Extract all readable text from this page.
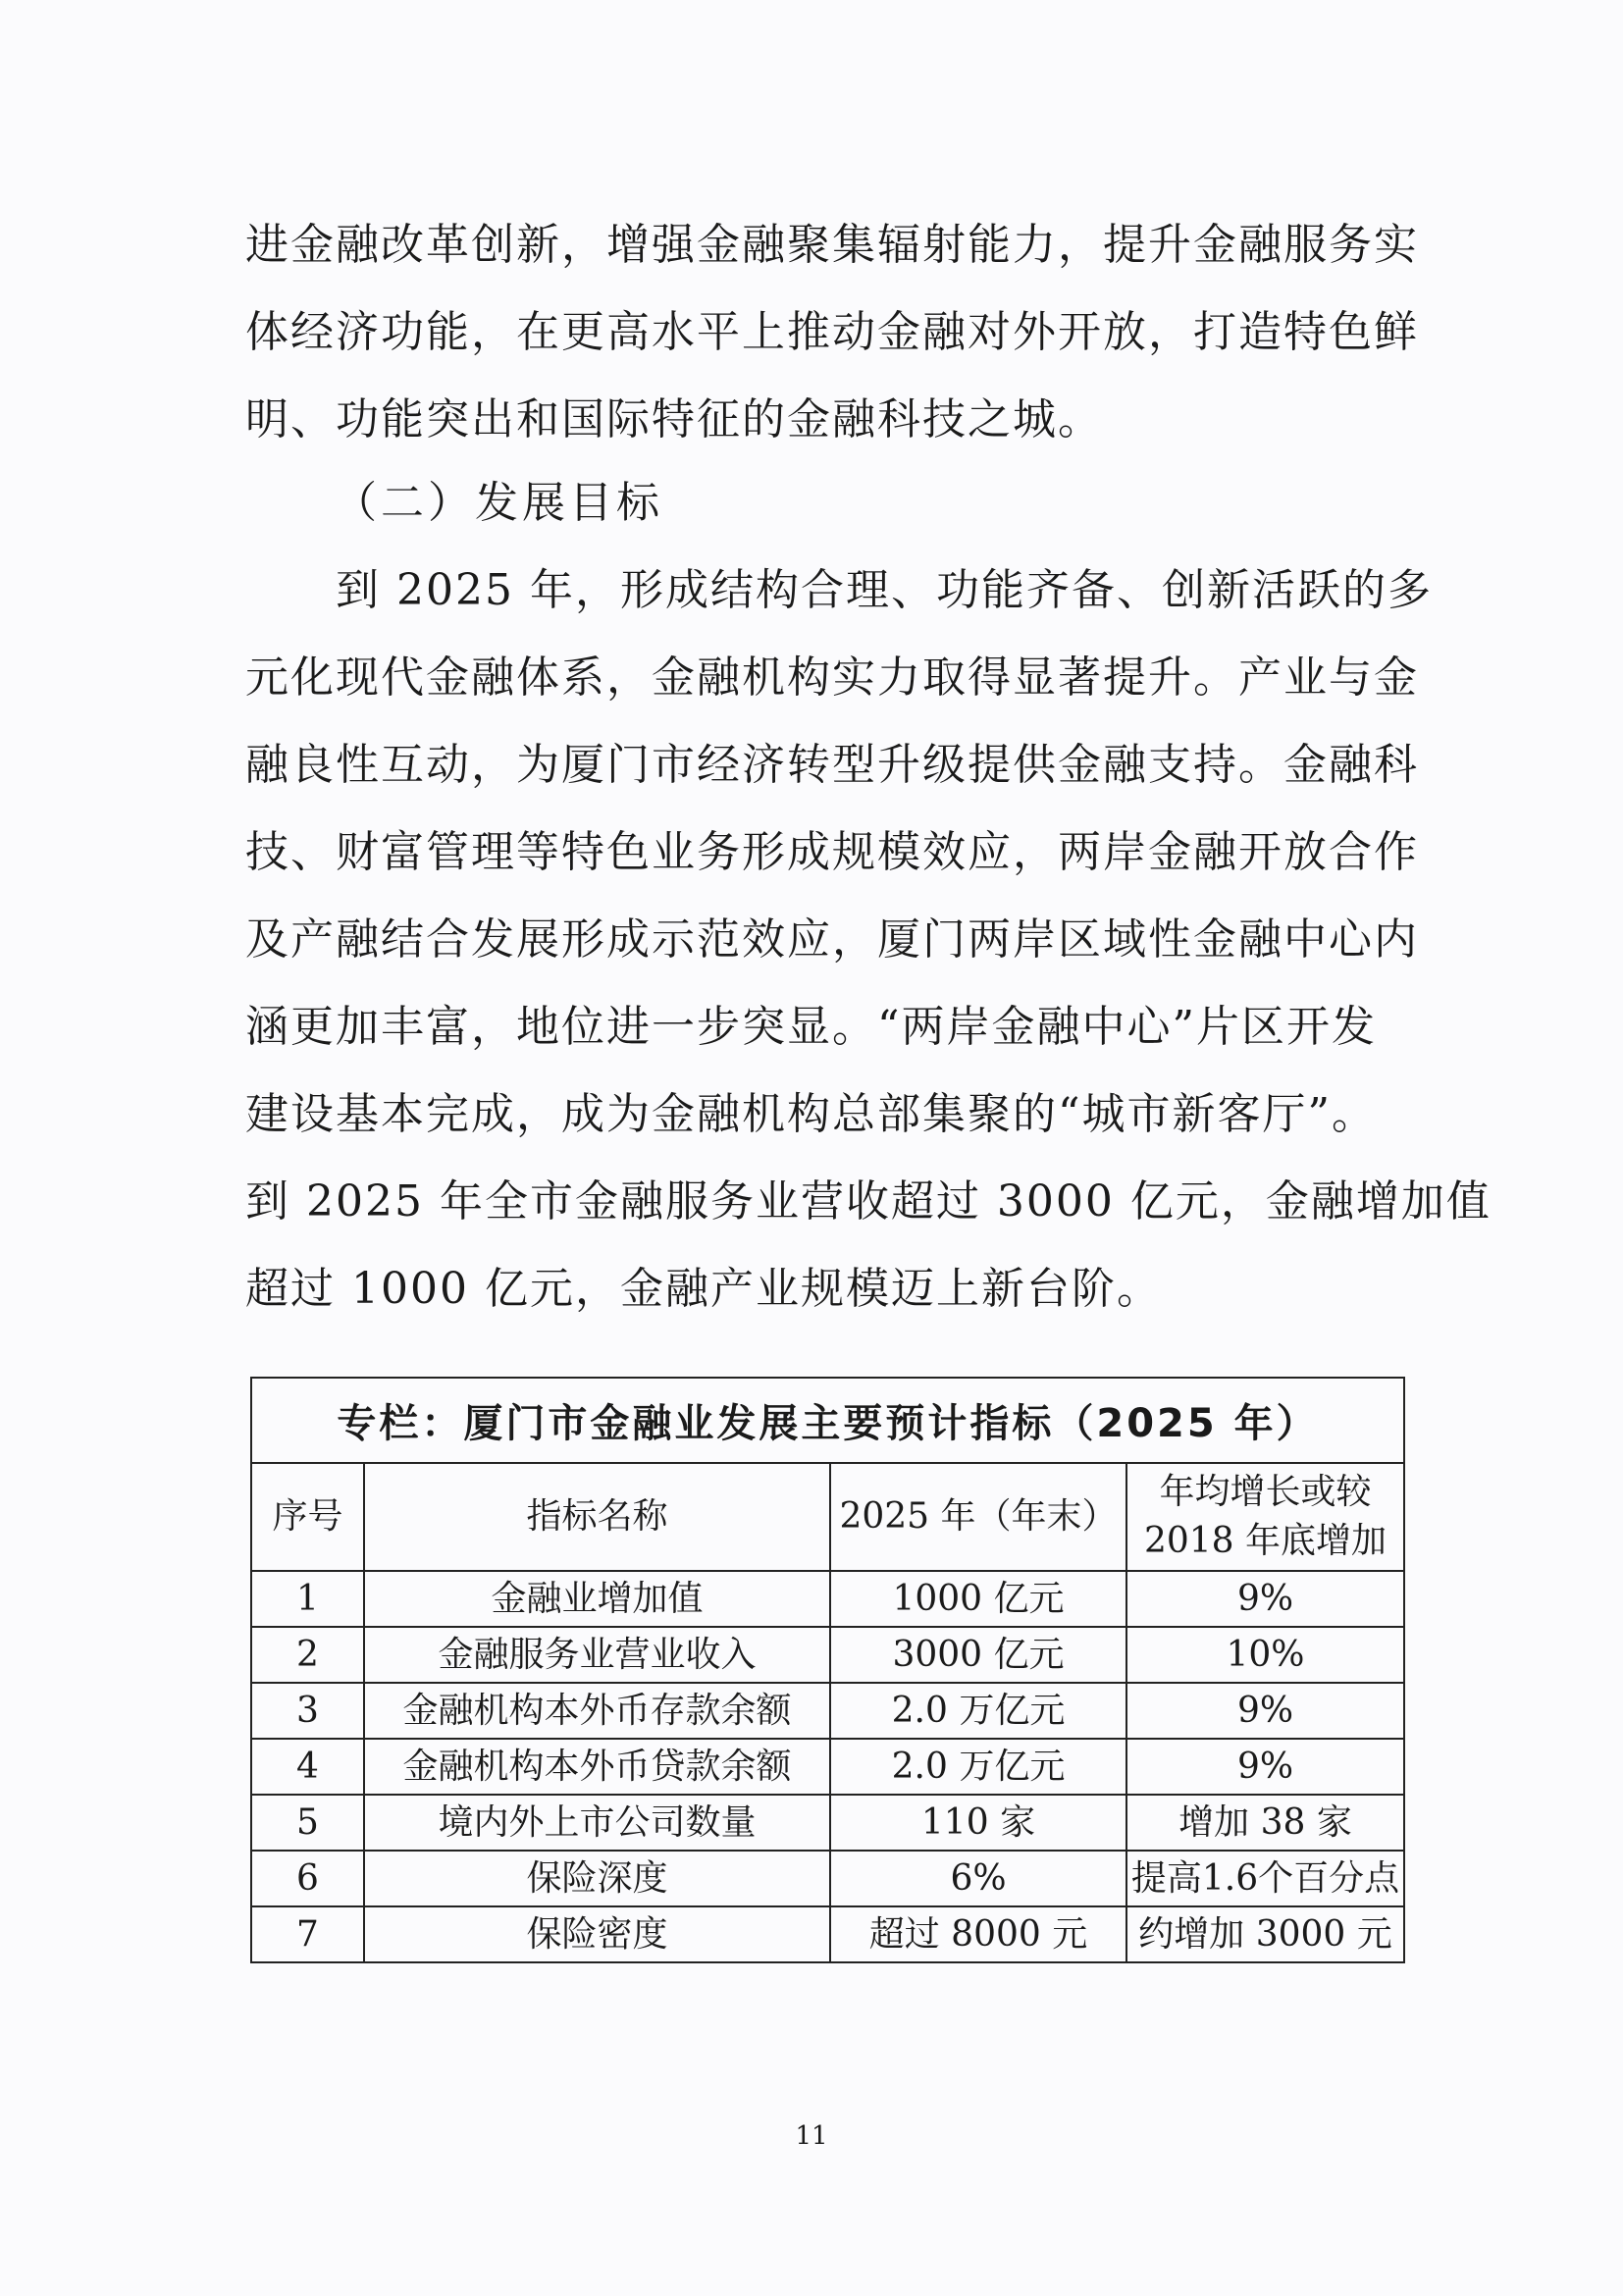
进金融改革创新，增强金融聚集辐射能力，提升金融服务实
体经济功能，在更高水平上推动金融对外开放，打造特色鲜
明、功能突出和国际特征的金融科技之城。

（二）发展目标

　　到 2025 年，形成结构合理、功能齐备、创新活跃的多
元化现代金融体系，金融机构实力取得显著提升。产业与金
融良性互动，为厦门市经济转型升级提供金融支持。金融科
技、财富管理等特色业务形成规模效应，两岸金融开放合作
及产融结合发展形成示范效应，厦门两岸区域性金融中心内
涵更加丰富，地位进一步突显。“两岸金融中心”片区开发
建设基本完成，成为金融机构总部集聚的“城市新客厅”。
到 2025 年全市金融服务业营收超过 3000 亿元，金融增加值
超过 1000 亿元，金融产业规模迈上新台阶。
专栏：厦门市金融业发展主要预计指标（2025 年）			
序号	指标名称	2025 年（年末）	年均增长或较
2018 年底增加

1	金融业增加值	1000 亿元	9%
2	金融服务业营业收入	3000 亿元	10%
3	金融机构本外币存款余额	2.0 万亿元	9%
4	金融机构本外币贷款余额	2.0 万亿元	9%
5	境内外上市公司数量	110 家	增加 38 家
6	保险深度	6%	提高1.6个百分点
7	保险密度	超过 8000 元	约增加 3000 元
11
